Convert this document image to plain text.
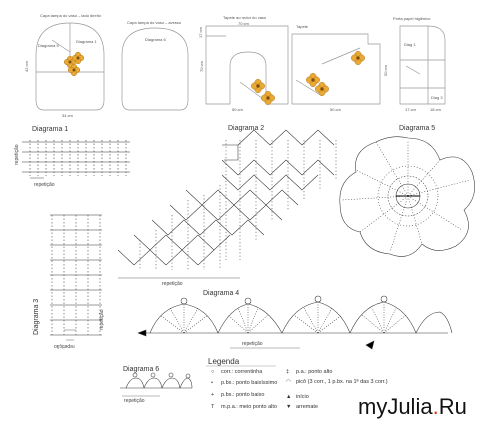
Capa tampa do vaso – lado direito
Capa tampa do vaso – avesso
Tapete ao redor do vaso
Tapete
Porta papel higiênico
Diagrama 5
Diagrama 1
34 cm
42 cm
Diagrama 6
70 cm
50 cm
70 cm
17 cm
50 cm
50 cm
17 cm	18 cm
Diag 1
Diag 3
Diagrama 1	Diagrama 2	Diagrama 5
Diagrama 3
Diagrama 4
Diagrama 6
repetição
repetição
repetição
repetição
repetição
repetição
repetição
Legenda
○ corr.: correntinha
• p.bx.: ponto baixíssimo
+ p.bx.: ponto baixo
T m.p.a.: meio ponto alto
‡ p.a.: ponto alto
◠ picô (3 corr., 1 p.bx. na 1ª das 3 corr.)
▲ início
▼ arremate myJulia.Ru
